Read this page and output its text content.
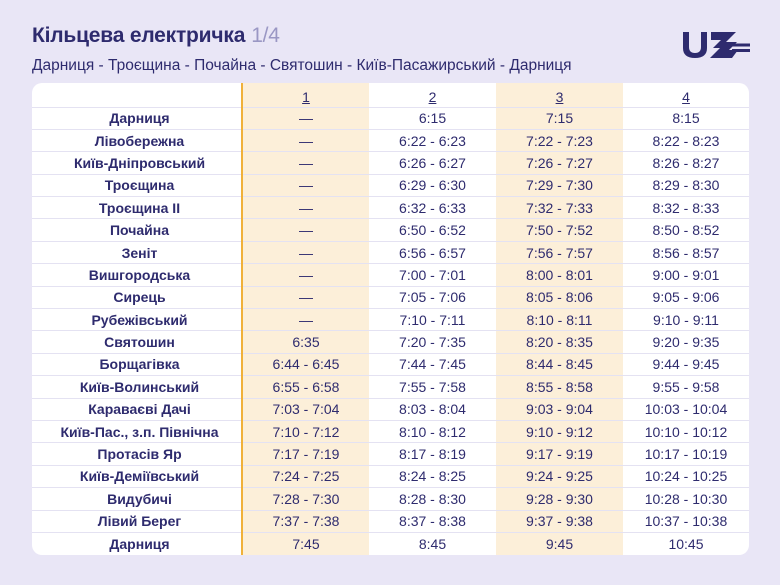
Кільцева електричка 1/4
Дарниця - Троєщина - Почайна - Святошин - Київ-Пасажирський - Дарниця
	1	2	3	4
Дарниця	—	6:15	7:15	8:15
Лівобережна	—	6:22 - 6:23	7:22 - 7:23	8:22 - 8:23
Київ-Дніпровський	—	6:26 - 6:27	7:26 - 7:27	8:26 - 8:27
Троєщина	—	6:29 - 6:30	7:29 - 7:30	8:29 - 8:30
Троєщина II	—	6:32 - 6:33	7:32 - 7:33	8:32 - 8:33
Почайна	—	6:50 - 6:52	7:50 - 7:52	8:50 - 8:52
Зеніт	—	6:56 - 6:57	7:56 - 7:57	8:56 - 8:57
Вишгородська	—	7:00 - 7:01	8:00 - 8:01	9:00 - 9:01
Сирець	—	7:05 - 7:06	8:05 - 8:06	9:05 - 9:06
Рубежівський	—	7:10 - 7:11	8:10 - 8:11	9:10 - 9:11
Святошин	6:35	7:20 - 7:35	8:20 - 8:35	9:20 - 9:35
Борщагівка	6:44 - 6:45	7:44 - 7:45	8:44 - 8:45	9:44 - 9:45
Київ-Волинський	6:55 - 6:58	7:55 - 7:58	8:55 - 8:58	9:55 - 9:58
Караваєві Дачі	7:03 - 7:04	8:03 - 8:04	9:03 - 9:04	10:03 - 10:04
Київ-Пас., з.п. Північна	7:10 - 7:12	8:10 - 8:12	9:10 - 9:12	10:10 - 10:12
Протасів Яр	7:17 - 7:19	8:17 - 8:19	9:17 - 9:19	10:17 - 10:19
Київ-Деміївський	7:24 - 7:25	8:24 - 8:25	9:24 - 9:25	10:24 - 10:25
Видубичі	7:28 - 7:30	8:28 - 8:30	9:28 - 9:30	10:28 - 10:30
Лівий Берег	7:37 - 7:38	8:37 - 8:38	9:37 - 9:38	10:37 - 10:38
Дарниця	7:45	8:45	9:45	10:45
